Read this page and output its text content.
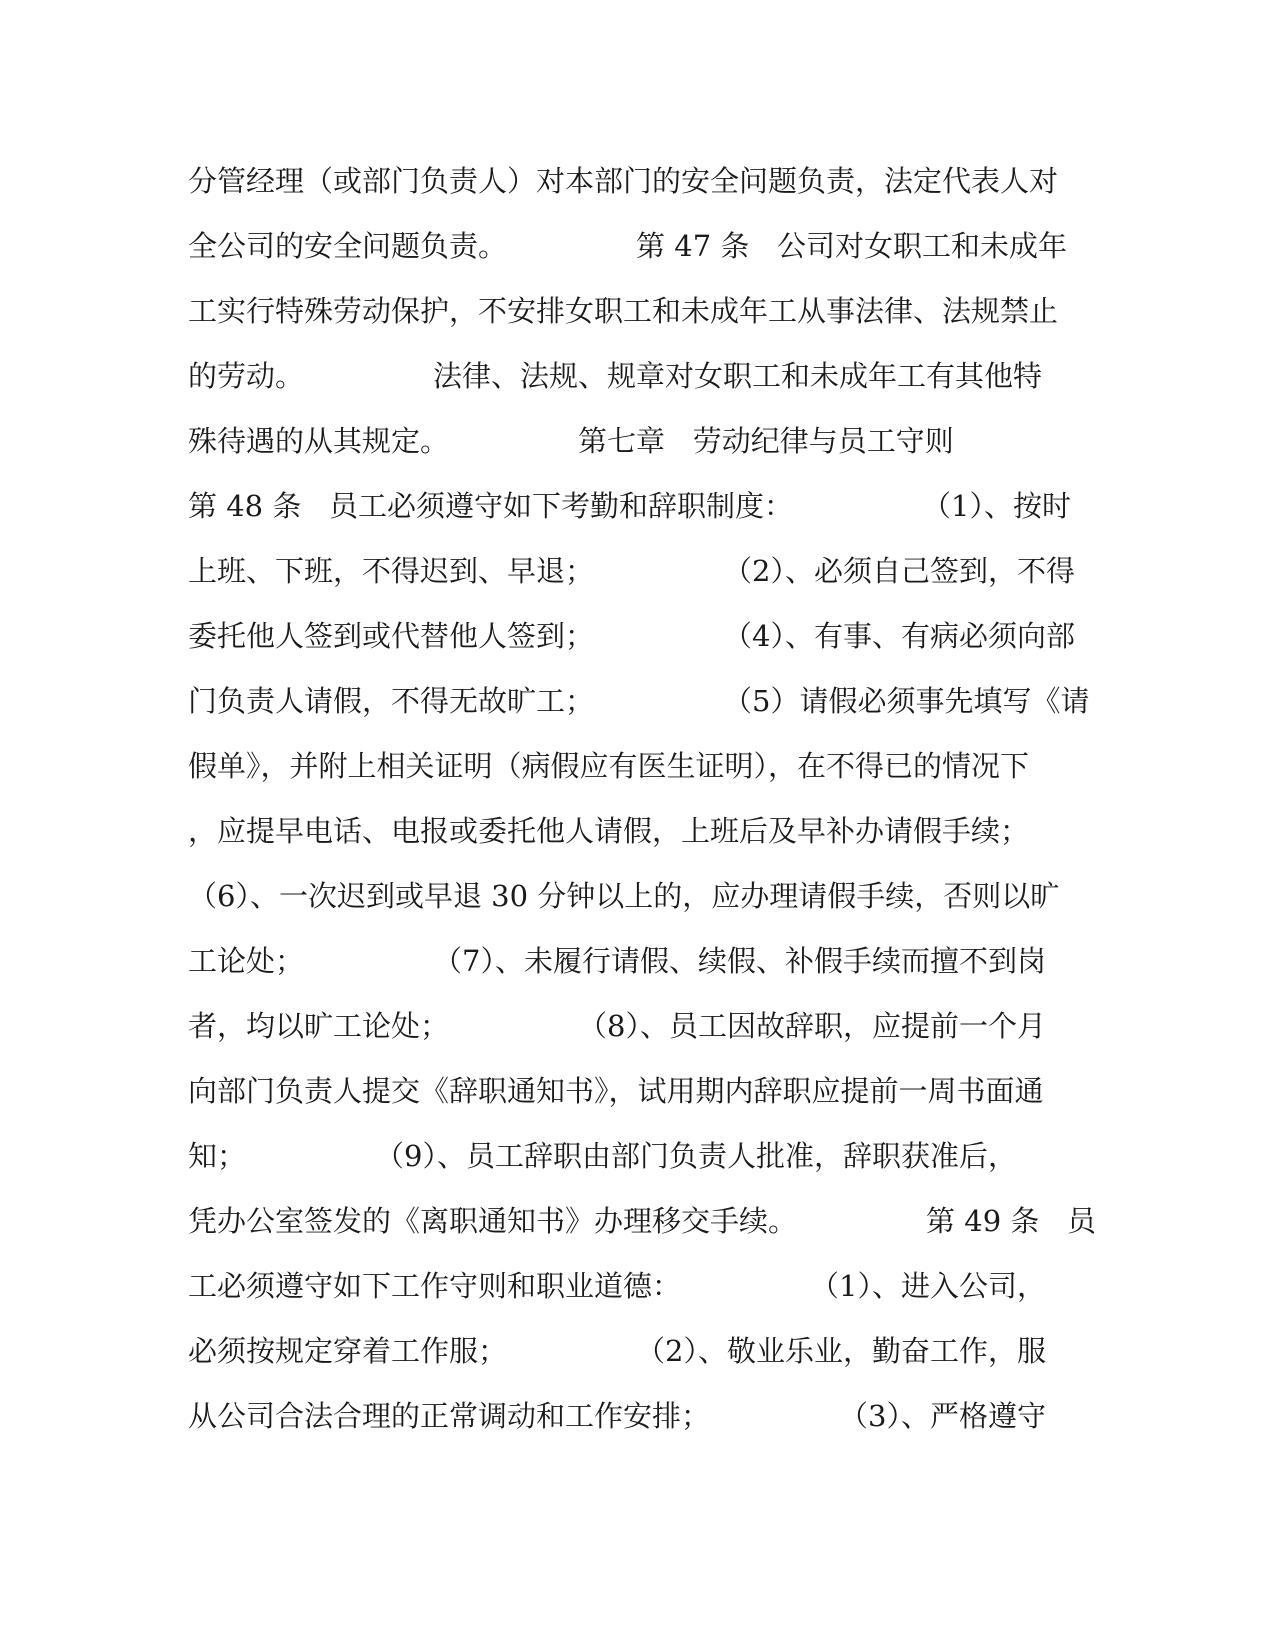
分管经理（或部门负责人）对本部门的安全问题负责，法定代表人对
全公司的安全问题负责。              第 47 条   公司对女职工和未成年
工实行特殊劳动保护，不安排女职工和未成年工从事法律、法规禁止
的劳动。              法律、法规、规章对女职工和未成年工有其他特
殊待遇的从其规定。              第七章   劳动纪律与员工守则
第 48 条   员工必须遵守如下考勤和辞职制度：              （1）、按时
上班、下班，不得迟到、早退；              （2）、必须自己签到，不得
委托他人签到或代替他人签到；              （4）、有事、有病必须向部
门负责人请假，不得无故旷工；              （5）请假必须事先填写《请
假单》，并附上相关证明（病假应有医生证明），在不得已的情况下
，应提早电话、电报或委托他人请假，上班后及早补办请假手续；
（6）、一次迟到或早退 30 分钟以上的，应办理请假手续，否则以旷
工论处；              （7）、未履行请假、续假、补假手续而擅不到岗
者，均以旷工论处；              （8）、员工因故辞职，应提前一个月
向部门负责人提交《辞职通知书》，试用期内辞职应提前一周书面通
知；              （9）、员工辞职由部门负责人批准，辞职获准后，
凭办公室签发的《离职通知书》办理移交手续。              第 49 条   员
工必须遵守如下工作守则和职业道德：              （1）、进入公司，
必须按规定穿着工作服；              （2）、敬业乐业，勤奋工作，服
从公司合法合理的正常调动和工作安排；              （3）、严格遵守
